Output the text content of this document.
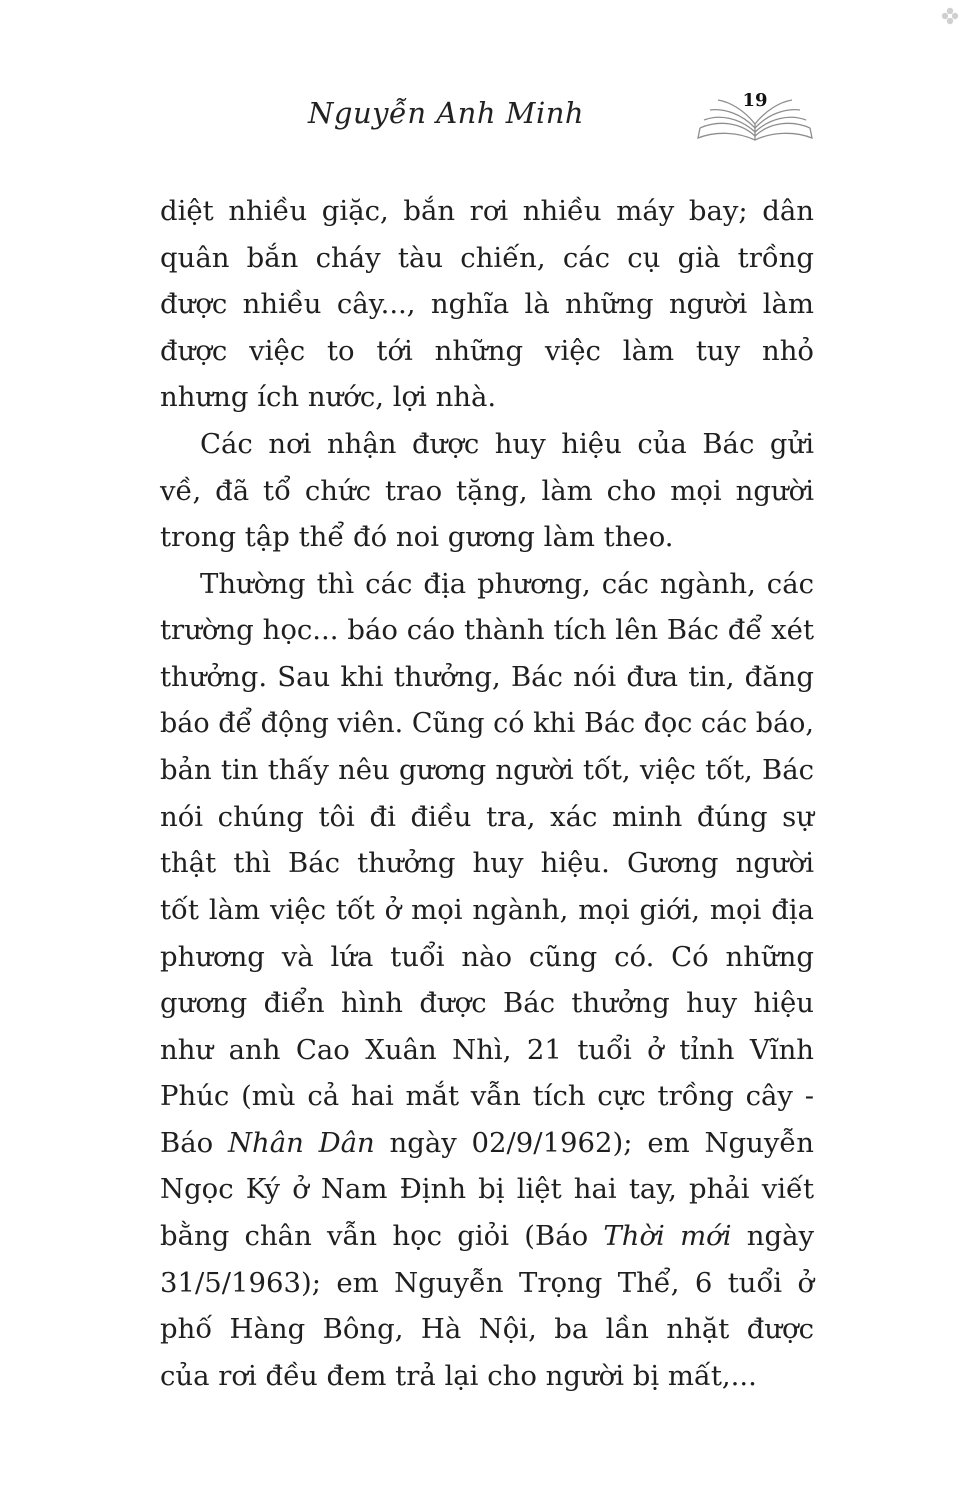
Nguyễn Anh Minh	19
diệt nhiều giặc, bắn rơi nhiều máy bay; dân
quân bắn cháy tàu chiến, các cụ già trồng
được nhiều cây..., nghĩa là những người làm
được việc to tới những việc làm tuy nhỏ
nhưng ích nước, lợi nhà.
Các nơi nhận được huy hiệu của Bác gửi
về, đã tổ chức trao tặng, làm cho mọi người
trong tập thể đó noi gương làm theo.
Thường thì các địa phương, các ngành, các
trường học... báo cáo thành tích lên Bác để xét
thưởng. Sau khi thưởng, Bác nói đưa tin, đăng
báo để động viên. Cũng có khi Bác đọc các báo,
bản tin thấy nêu gương người tốt, việc tốt, Bác
nói chúng tôi đi điều tra, xác minh đúng sự
thật thì Bác thưởng huy hiệu. Gương người
tốt làm việc tốt ở mọi ngành, mọi giới, mọi địa
phương và lứa tuổi nào cũng có. Có những
gương điển hình được Bác thưởng huy hiệu
như anh Cao Xuân Nhì, 21 tuổi ở tỉnh Vĩnh
Phúc (mù cả hai mắt vẫn tích cực trồng cây -
Báo Nhân Dân ngày 02/9/1962); em Nguyễn
Ngọc Ký ở Nam Định bị liệt hai tay, phải viết
bằng chân vẫn học giỏi (Báo Thời mới ngày
31/5/1963); em Nguyễn Trọng Thể, 6 tuổi ở
phố Hàng Bông, Hà Nội, ba lần nhặt được
của rơi đều đem trả lại cho người bị mất,...
